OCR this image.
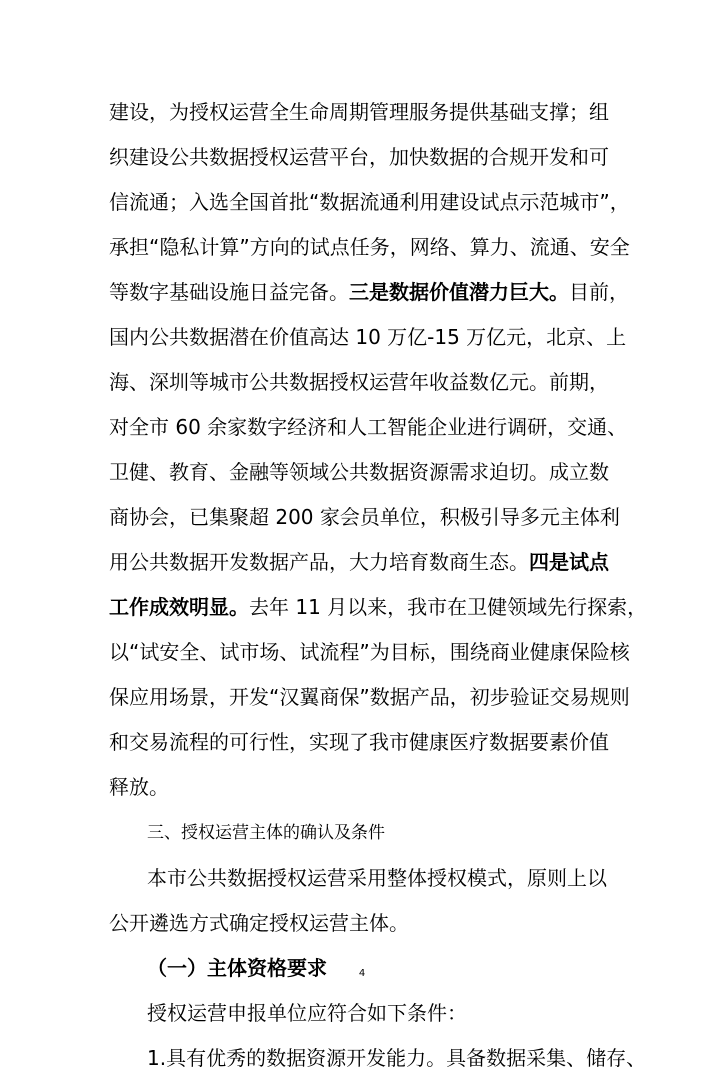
建设，为授权运营全生命周期管理服务提供基础支撑；组
织建设公共数据授权运营平台，加快数据的合规开发和可
信流通；入选全国首批“数据流通利用建设试点示范城市”，
承担“隐私计算”方向的试点任务，网络、算力、流通、安全
等数字基础设施日益完备。 三是数据价值潜力巨大。 目前，
国内公共数据潜在价值高达 10 万亿-15 万亿元，北京、上
海、深圳等城市公共数据授权运营年收益数亿元。前期，
对全市 60 余家数字经济和人工智能企业进行调研，交通、
卫健、教育、金融等领域公共数据资源需求迫切。成立数
商协会，已集聚超 200 家会员单位，积极引导多元主体利
用公共数据开发数据产品，大力培育数商生态。 四是试点
工作成效明显。 去年 11 月以来，我市在卫健领域先行探索，
以“试安全、试市场、试流程”为目标，围绕商业健康保险核
保应用场景，开发“汉翼商保”数据产品，初步验证交易规则
和交易流程的可行性，实现了我市健康医疗数据要素价值
释放。
三、授权运营主体的确认及条件
本市公共数据授权运营采用整体授权模式，原则上以
公开遴选方式确定授权运营主体。
（一）主体资格要求
授权运营申报单位应符合如下条件：
1.具有优秀的数据资源开发能力。具备数据采集、储存、
4
